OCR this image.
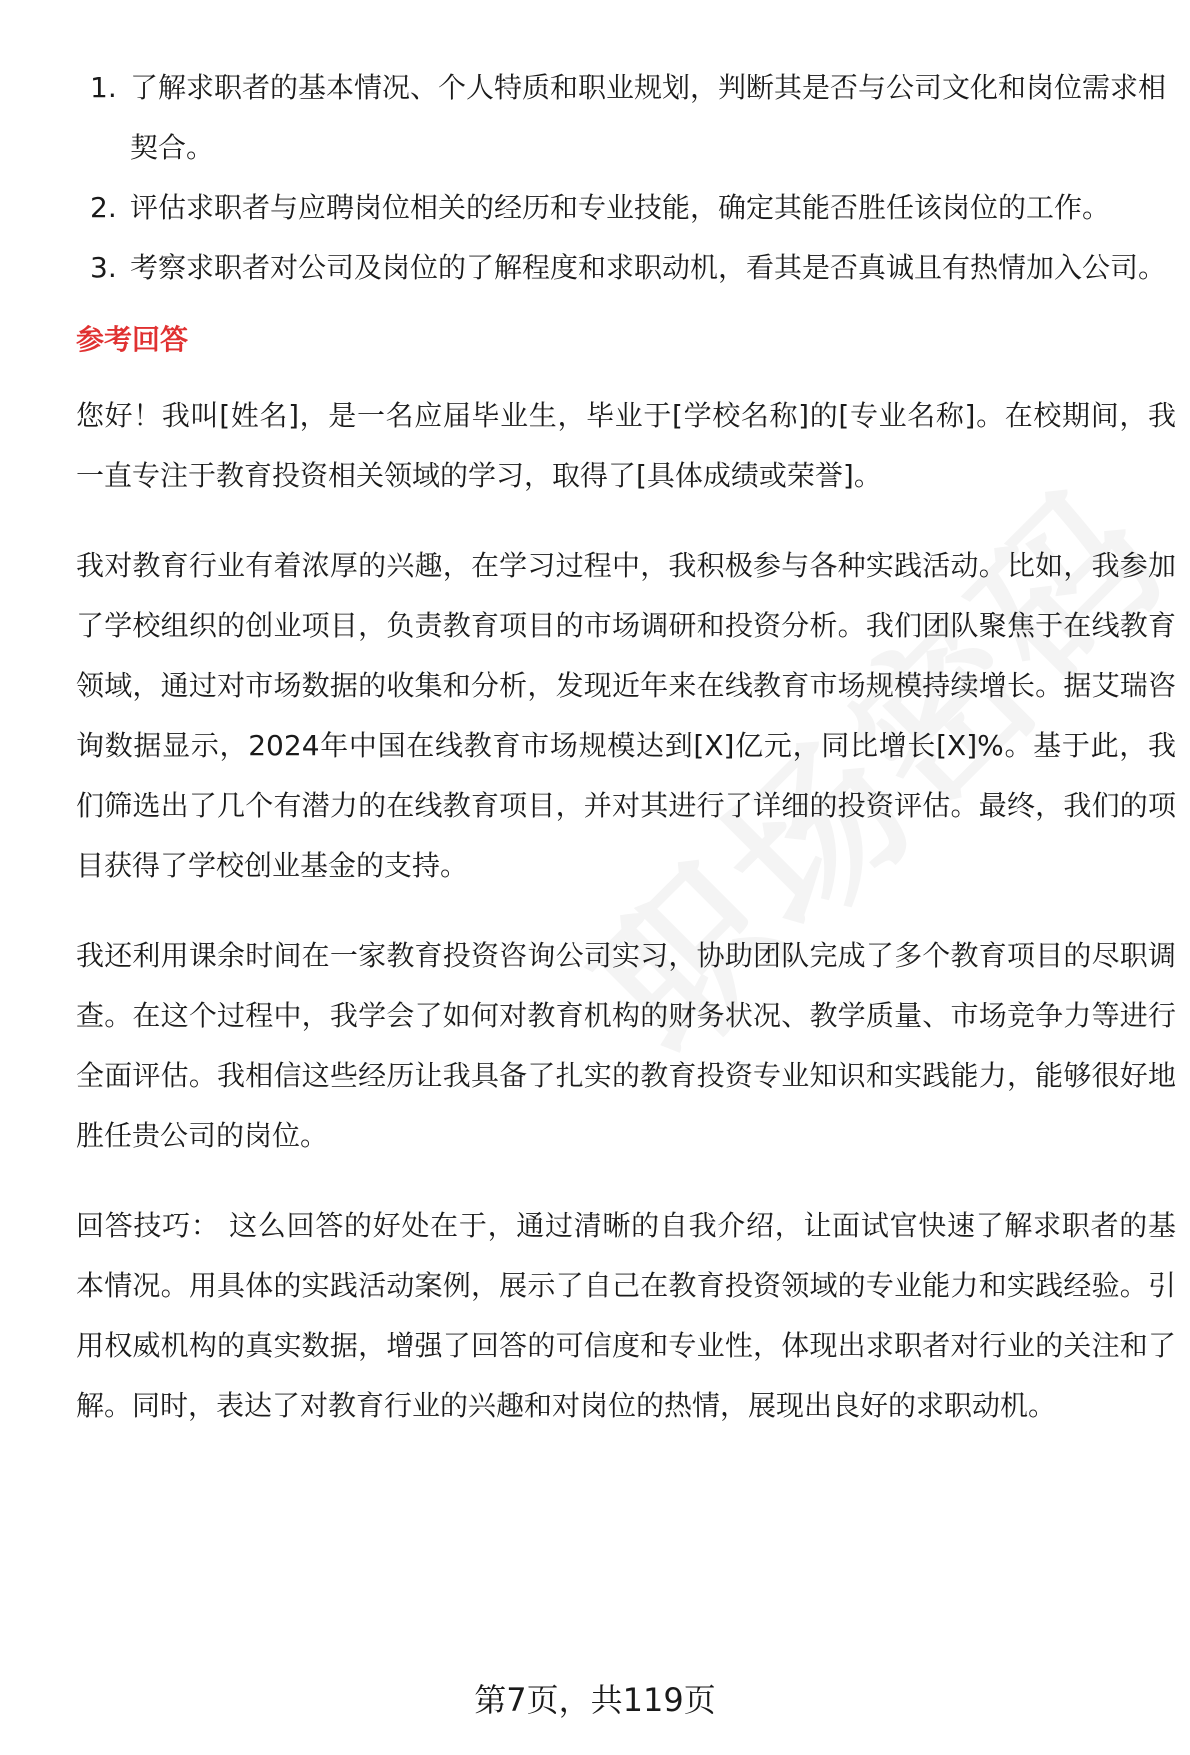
1. 了解求职者的基本情况、个人特质和职业规划，判断其是否与公司文化和岗位需求相契合。
2. 评估求职者与应聘岗位相关的经历和专业技能，确定其能否胜任该岗位的工作。
3. 考察求职者对公司及岗位的了解程度和求职动机，看其是否真诚且有热情加入公司。
参考回答

您好！我叫[姓名]，是一名应届毕业生，毕业于[学校名称]的[专业名称]。在校期间，我一直专注于教育投资相关领域的学习，取得了[具体成绩或荣誉]。

我对教育行业有着浓厚的兴趣，在学习过程中，我积极参与各种实践活动。比如，我参加了学校组织的创业项目，负责教育项目的市场调研和投资分析。我们团队聚焦于在线教育领域，通过对市场数据的收集和分析，发现近年来在线教育市场规模持续增长。据艾瑞咨询数据显示，2024年中国在线教育市场规模达到[X]亿元，同比增长[X]%。基于此，我们筛选出了几个有潜力的在线教育项目，并对其进行了详细的投资评估。最终，我们的项目获得了学校创业基金的支持。

我还利用课余时间在一家教育投资咨询公司实习，协助团队完成了多个教育项目的尽职调查。在这个过程中，我学会了如何对教育机构的财务状况、教学质量、市场竞争力等进行全面评估。我相信这些经历让我具备了扎实的教育投资专业知识和实践能力，能够很好地胜任贵公司的岗位。

回答技巧： 这么回答的好处在于，通过清晰的自我介绍，让面试官快速了解求职者的基本情况。用具体的实践活动案例，展示了自己在教育投资领域的专业能力和实践经验。引用权威机构的真实数据，增强了回答的可信度和专业性，体现出求职者对行业的关注和了解。同时，表达了对教育行业的兴趣和对岗位的热情，展现出良好的求职动机。

第7页，共119页
